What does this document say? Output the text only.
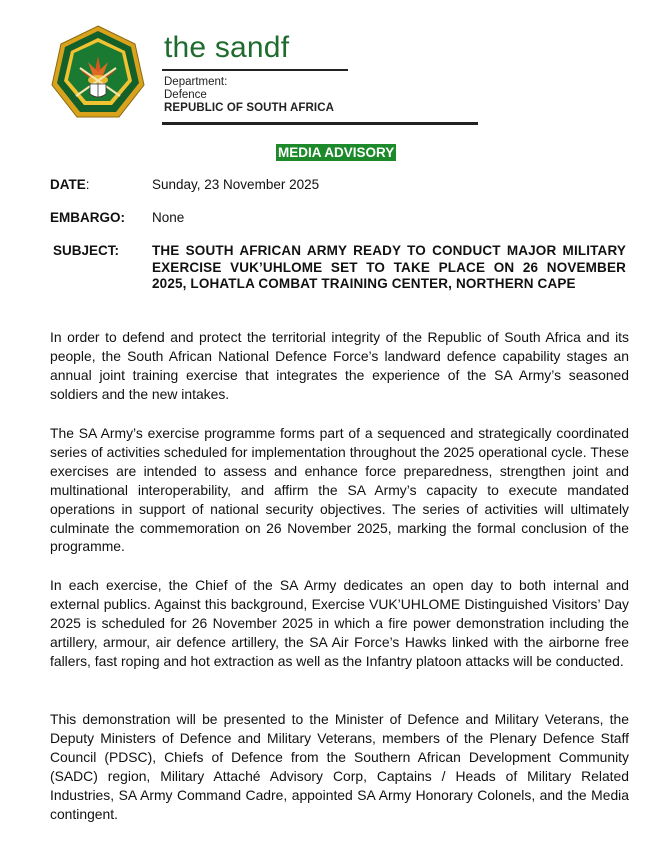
the sandf
Department:
Defence
REPUBLIC OF SOUTH AFRICA
MEDIA ADVISORY
DATE:	Sunday, 23 November 2025
EMBARGO: None
SUBJECT: THE SOUTH AFRICAN ARMY READY TO CONDUCT MAJOR MILITARY EXERCISE VUK’UHLOME SET TO TAKE PLACE ON 26 NOVEMBER 2025, LOHATLA COMBAT TRAINING CENTER, NORTHERN CAPE

In order to defend and protect the territorial integrity of the Republic of South Africa and its people, the South African National Defence Force’s landward defence capability stages an annual joint training exercise that integrates the experience of the SA Army’s seasoned soldiers and the new intakes.

The SA Army’s exercise programme forms part of a sequenced and strategically coordinated series of activities scheduled for implementation throughout the 2025 operational cycle. These exercises are intended to assess and enhance force preparedness, strengthen joint and multinational interoperability, and affirm the SA Army’s capacity to execute mandated operations in support of national security objectives. The series of activities will ultimately culminate the commemoration on 26 November 2025, marking the formal conclusion of the programme.

In each exercise, the Chief of the SA Army dedicates an open day to both internal and external publics. Against this background, Exercise VUK’UHLOME Distinguished Visitors’ Day 2025 is scheduled for 26 November 2025 in which a fire power demonstration including the artillery, armour, air defence artillery, the SA Air Force’s Hawks linked with the airborne free fallers, fast roping and hot extraction as well as the Infantry platoon attacks will be conducted.

This demonstration will be presented to the Minister of Defence and Military Veterans, the Deputy Ministers of Defence and Military Veterans, members of the Plenary Defence Staff Council (PDSC), Chiefs of Defence from the Southern African Development Community (SADC) region, Military Attaché Advisory Corp, Captains / Heads of Military Related Industries, SA Army Command Cadre, appointed SA Army Honorary Colonels, and the Media contingent.
